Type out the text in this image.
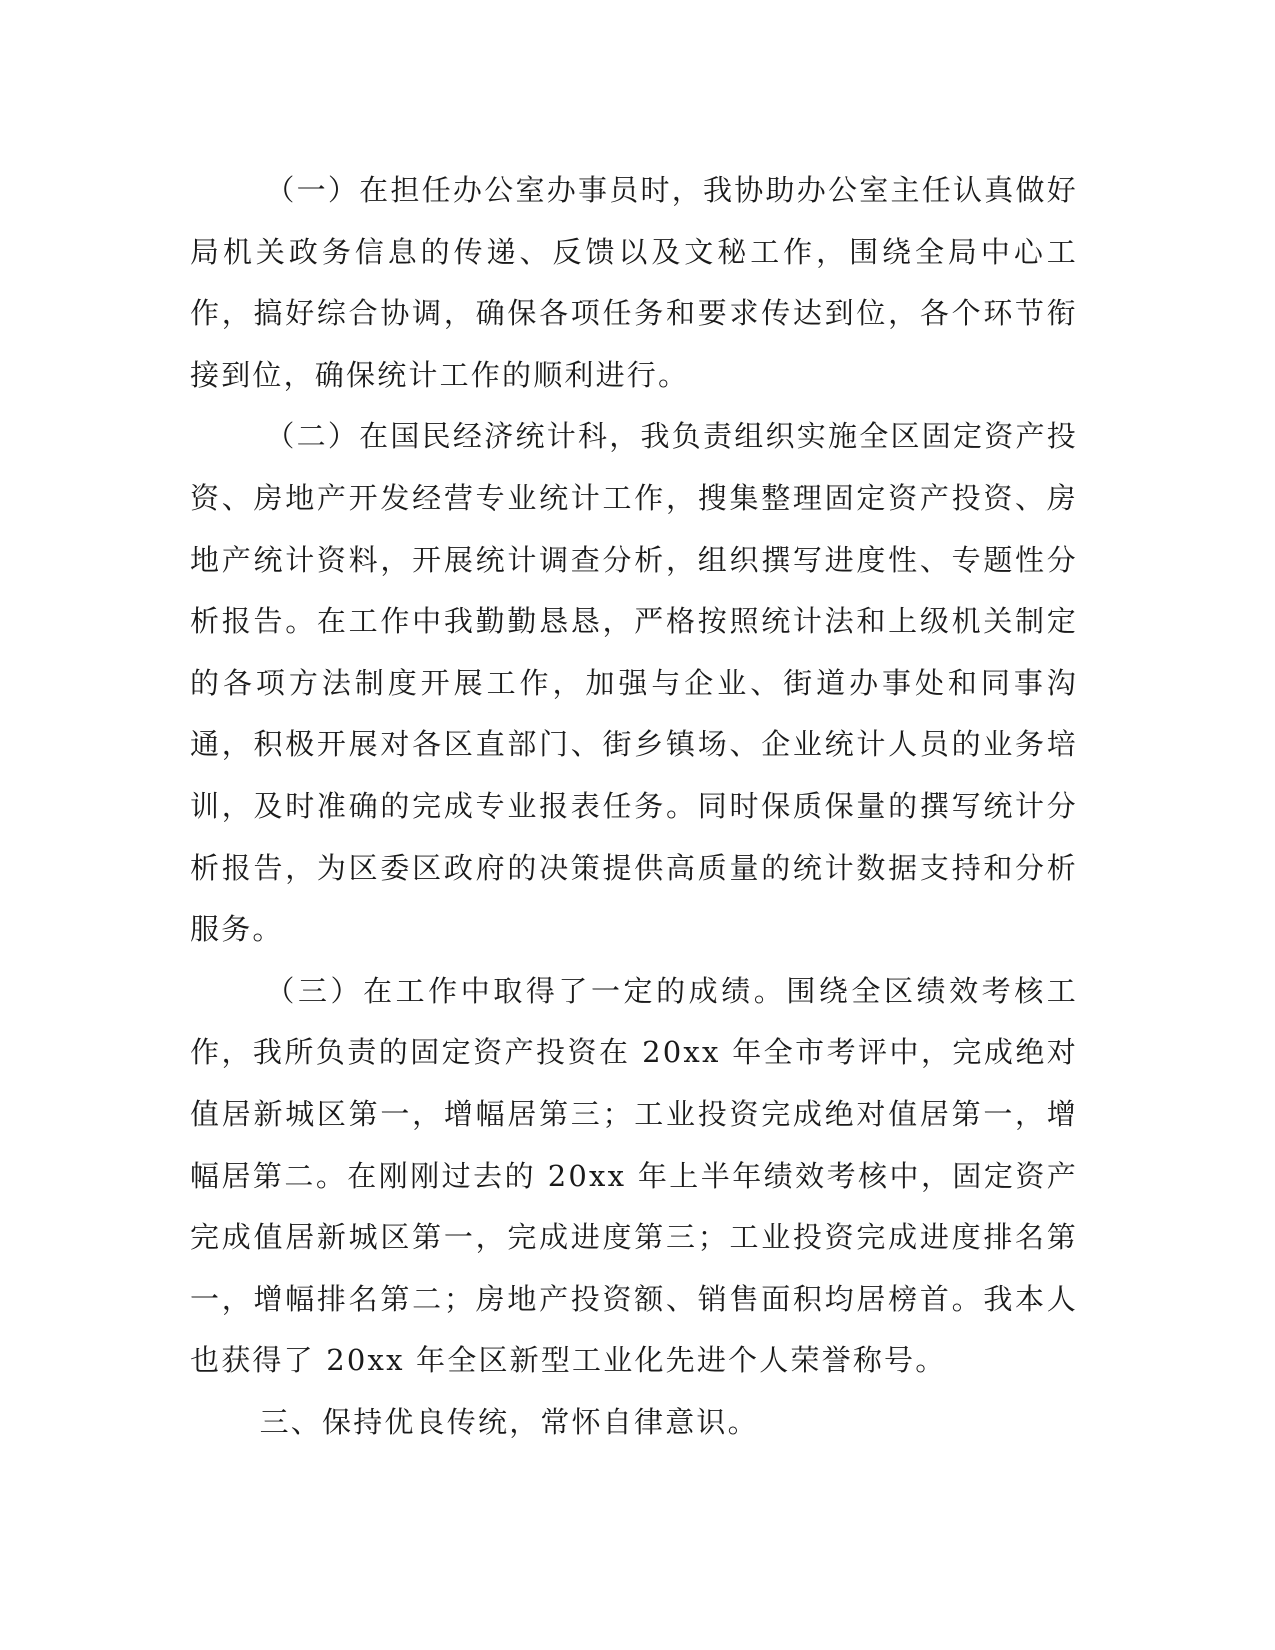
（一）在担任办公室办事员时，我协助办公室主任认真做好局机关政务信息的传递、反馈以及文秘工作，围绕全局中心工作，搞好综合协调，确保各项任务和要求传达到位，各个环节衔接到位，确保统计工作的顺利进行。

（二）在国民经济统计科，我负责组织实施全区固定资产投资、房地产开发经营专业统计工作，搜集整理固定资产投资、房地产统计资料，开展统计调查分析，组织撰写进度性、专题性分析报告。在工作中我勤勤恳恳，严格按照统计法和上级机关制定的各项方法制度开展工作，加强与企业、街道办事处和同事沟通，积极开展对各区直部门、街乡镇场、企业统计人员的业务培训，及时准确的完成专业报表任务。同时保质保量的撰写统计分析报告，为区委区政府的决策提供高质量的统计数据支持和分析服务。

（三）在工作中取得了一定的成绩。围绕全区绩效考核工作，我所负责的固定资产投资在 20xx 年全市考评中，完成绝对值居新城区第一，增幅居第三；工业投资完成绝对值居第一，增幅居第二。在刚刚过去的 20xx 年上半年绩效考核中，固定资产完成值居新城区第一，完成进度第三；工业投资完成进度排名第一，增幅排名第二；房地产投资额、销售面积均居榜首。我本人也获得了 20xx 年全区新型工业化先进个人荣誉称号。

三、保持优良传统，常怀自律意识。
